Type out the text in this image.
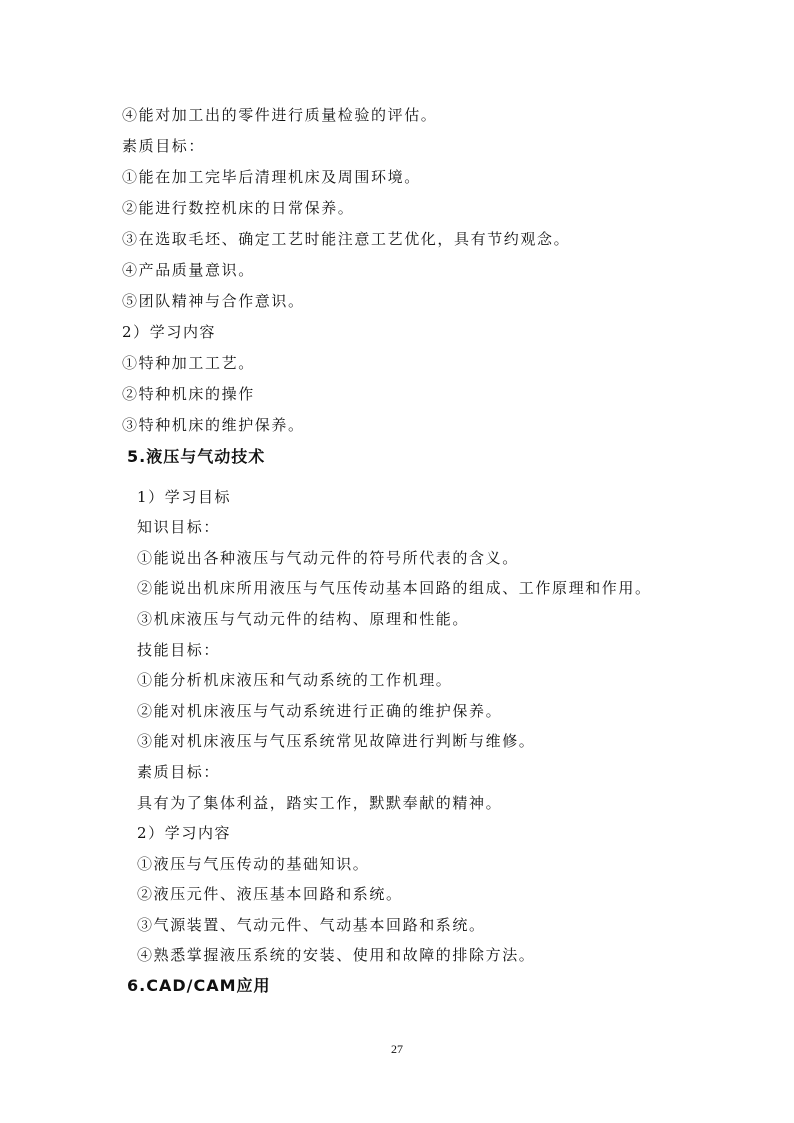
④能对加工出的零件进行质量检验的评估。
素质目标：
①能在加工完毕后清理机床及周围环境。
②能进行数控机床的日常保养。
③在选取毛坯、确定工艺时能注意工艺优化，具有节约观念。
④产品质量意识。
⑤团队精神与合作意识。
2）学习内容
①特种加工工艺。
②特种机床的操作
③特种机床的维护保养。
5.液压与气动技术
1）学习目标
知识目标：
①能说出各种液压与气动元件的符号所代表的含义。
②能说出机床所用液压与气压传动基本回路的组成、工作原理和作用。
③机床液压与气动元件的结构、原理和性能。
技能目标：
①能分析机床液压和气动系统的工作机理。
②能对机床液压与气动系统进行正确的维护保养。
③能对机床液压与气压系统常见故障进行判断与维修。
素质目标：
具有为了集体利益，踏实工作，默默奉献的精神。
2）学习内容
①液压与气压传动的基础知识。
②液压元件、液压基本回路和系统。
③气源装置、气动元件、气动基本回路和系统。
④熟悉掌握液压系统的安装、使用和故障的排除方法。
6.CAD/CAM应用
27
